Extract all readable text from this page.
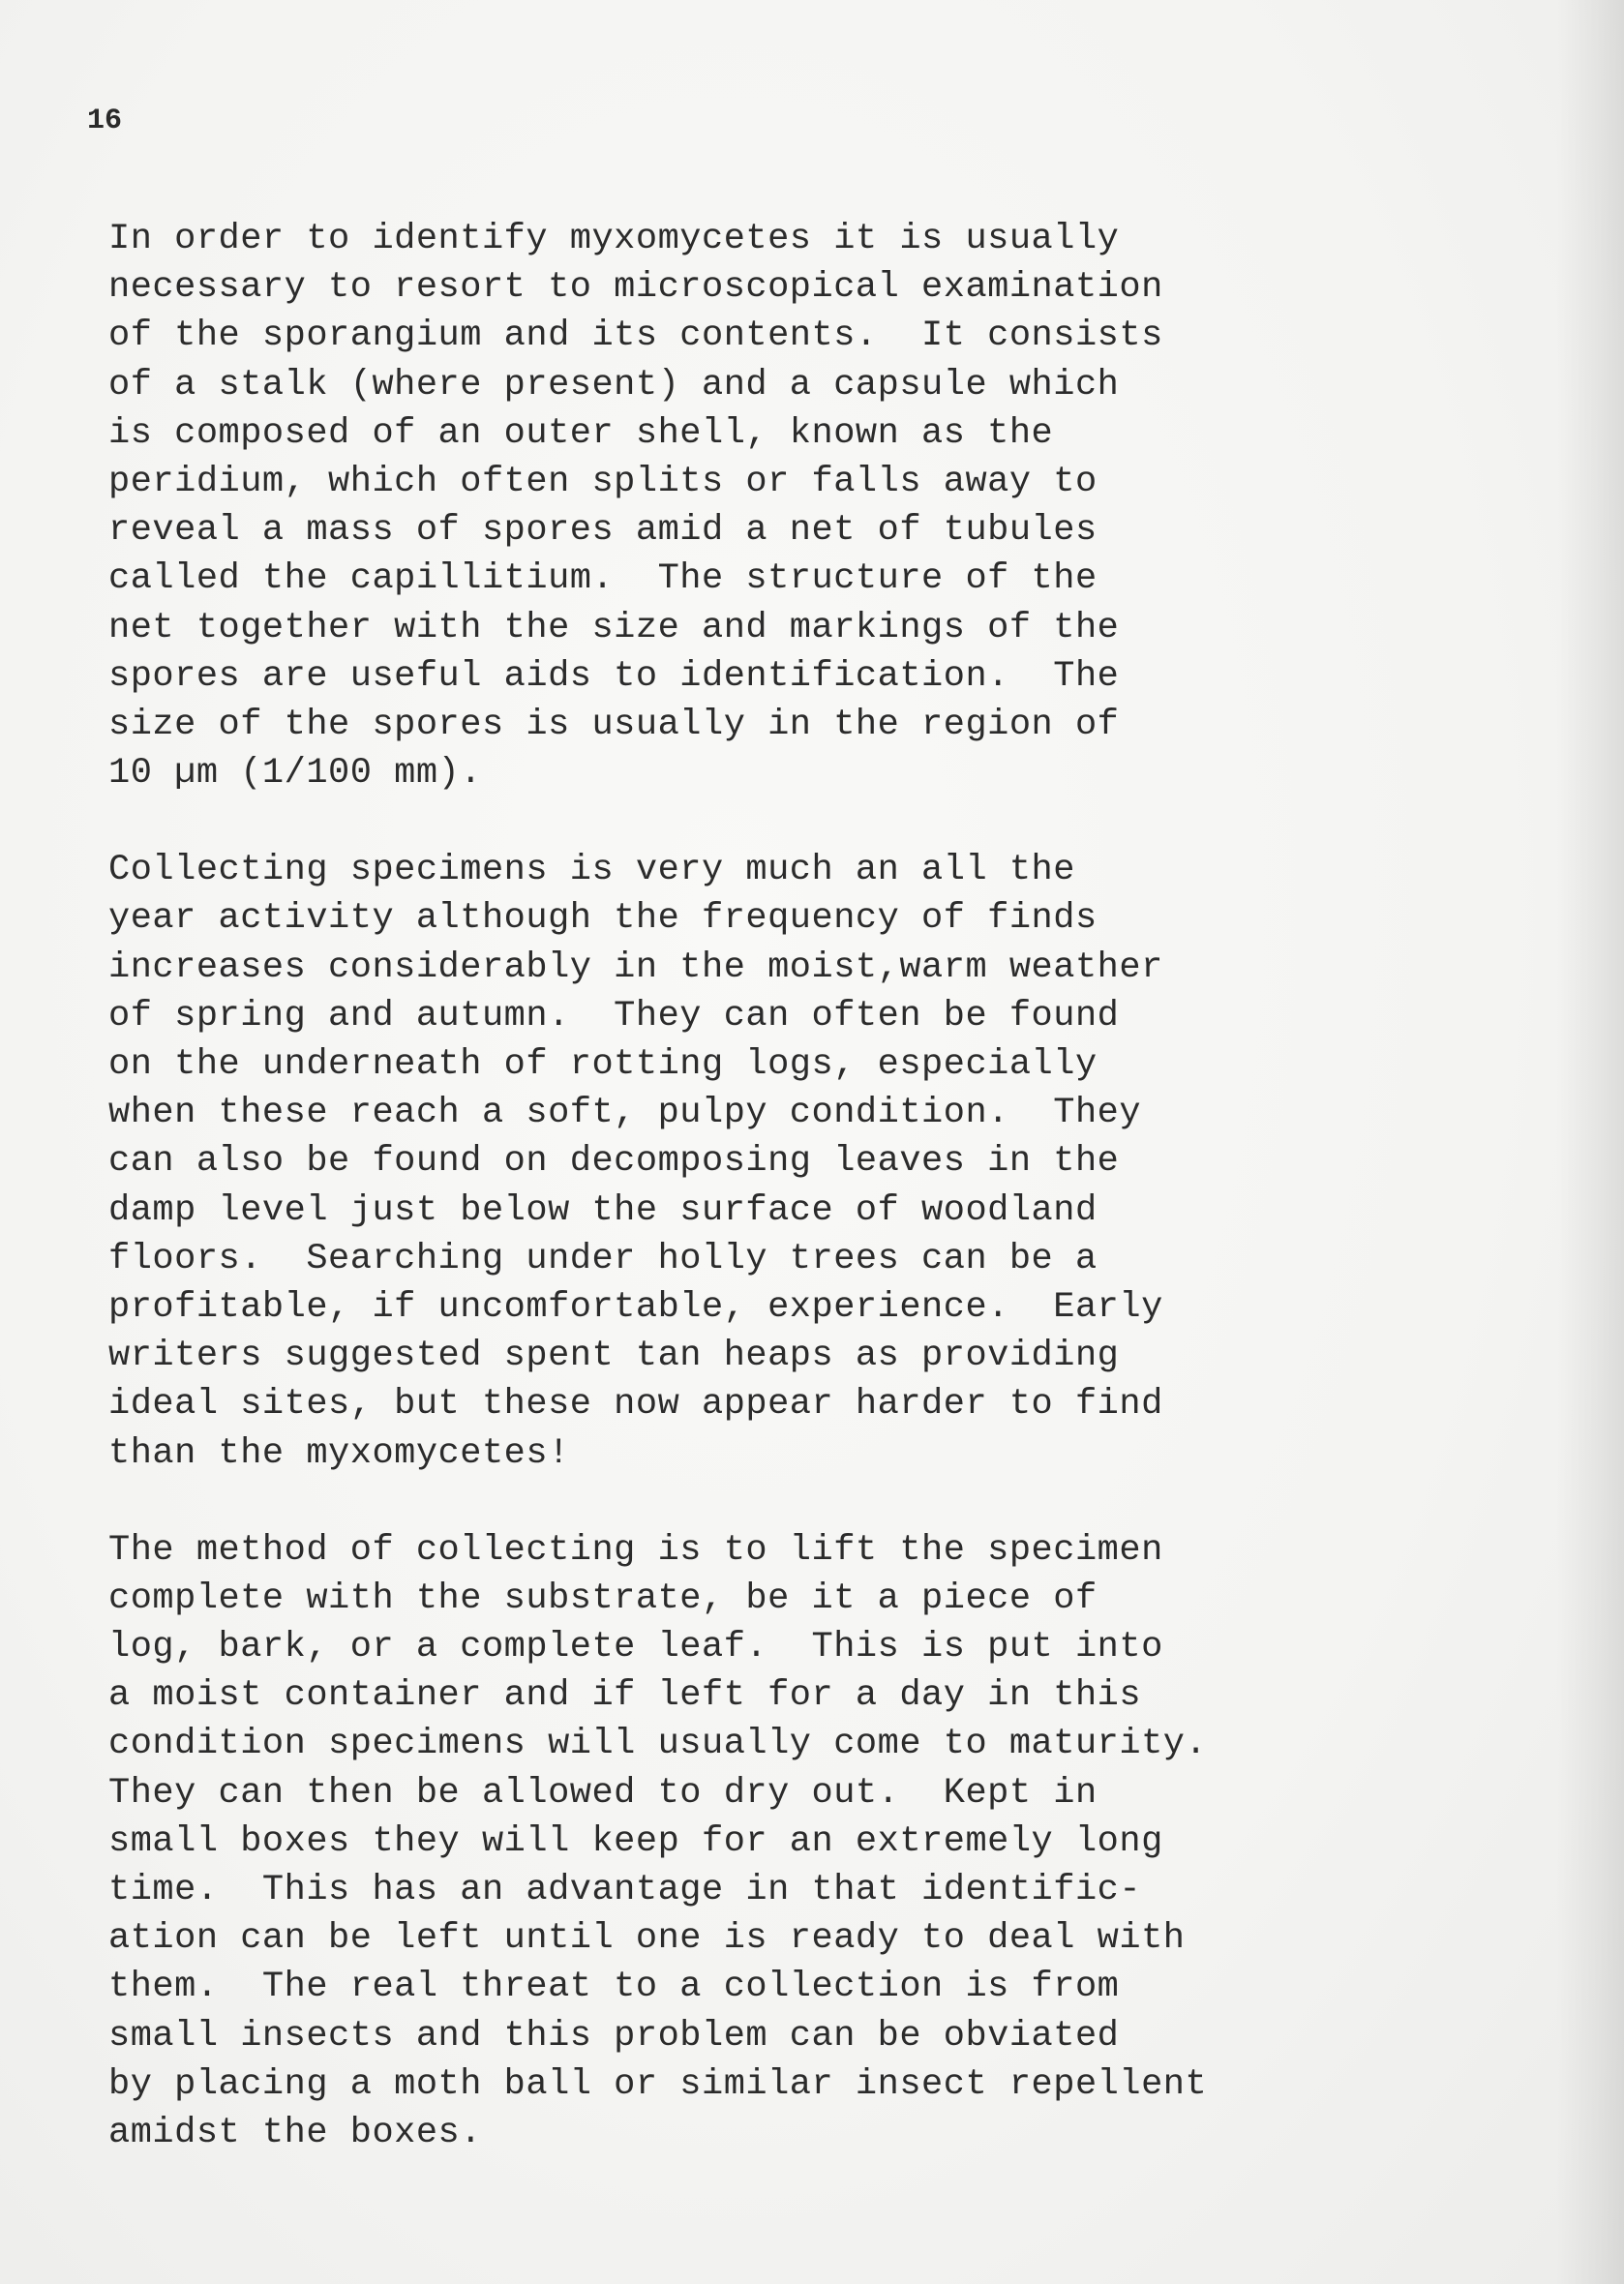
16
In order to identify myxomycetes it is usually
necessary to resort to microscopical examination
of the sporangium and its contents.  It consists
of a stalk (where present) and a capsule which
is composed of an outer shell, known as the
peridium, which often splits or falls away to
reveal a mass of spores amid a net of tubules
called the capillitium.  The structure of the
net together with the size and markings of the
spores are useful aids to identification.  The
size of the spores is usually in the region of
10 µm (1/100 mm).
Collecting specimens is very much an all the
year activity although the frequency of finds
increases considerably in the moist,warm weather
of spring and autumn.  They can often be found
on the underneath of rotting logs, especially
when these reach a soft, pulpy condition.  They
can also be found on decomposing leaves in the
damp level just below the surface of woodland
floors.  Searching under holly trees can be a
profitable, if uncomfortable, experience.  Early
writers suggested spent tan heaps as providing
ideal sites, but these now appear harder to find
than the myxomycetes!
The method of collecting is to lift the specimen
complete with the substrate, be it a piece of
log, bark, or a complete leaf.  This is put into
a moist container and if left for a day in this
condition specimens will usually come to maturity.
They can then be allowed to dry out.  Kept in
small boxes they will keep for an extremely long
time.  This has an advantage in that identific-
ation can be left until one is ready to deal with
them.  The real threat to a collection is from
small insects and this problem can be obviated
by placing a moth ball or similar insect repellent
amidst the boxes.
